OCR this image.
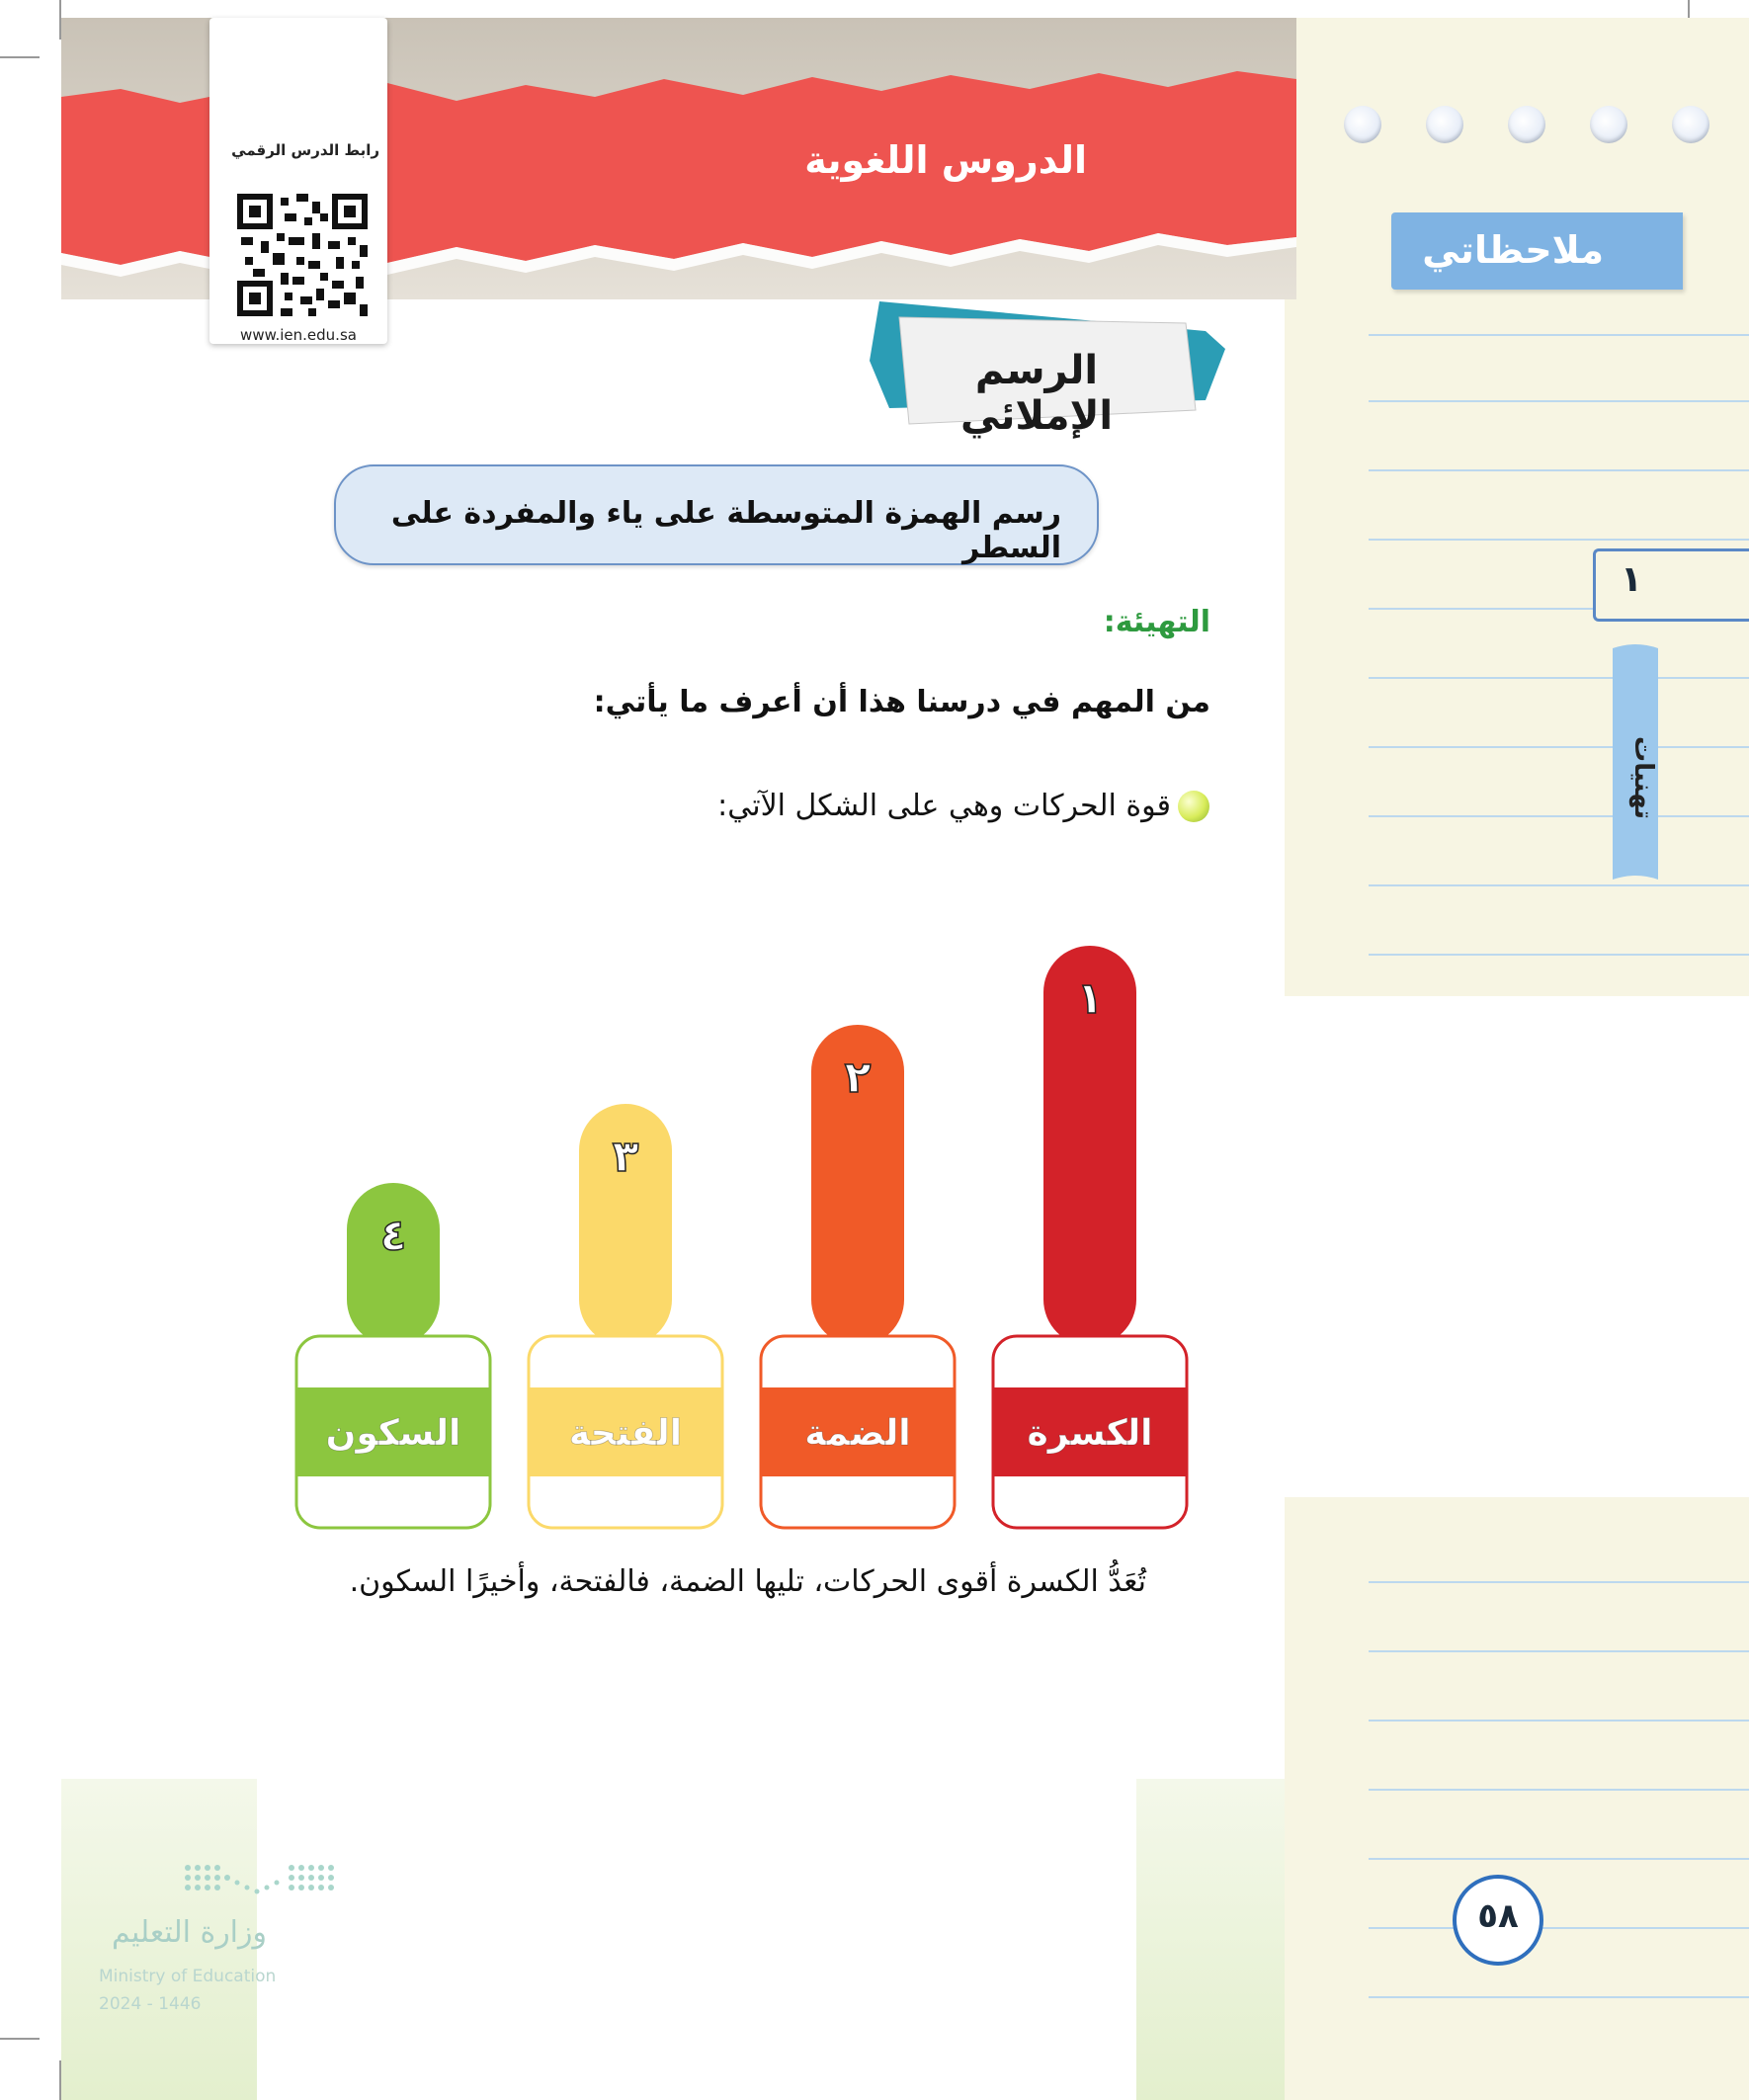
ملاحظاتي
١
تهنيات
٥٨
الدروس اللغوية
رابط الدرس الرقمي
www.ien.edu.sa
الرسم الإملائي
رسم الهمزة المتوسطة على ياء والمفردة على السطر
التهيئة:
من المهم في درسنا هذا أن أعرف ما يأتي:
قوة الحركات وهي على الشكل الآتي:
السكون
٤
الفتحة
٣
الضمة
٢
الكسرة
١
تُعَدُّ الكسرة أقوى الحركات، تليها الضمة، فالفتحة، وأخيرًا السكون.
وزارة التعليم
Ministry of Education
2024 - 1446
